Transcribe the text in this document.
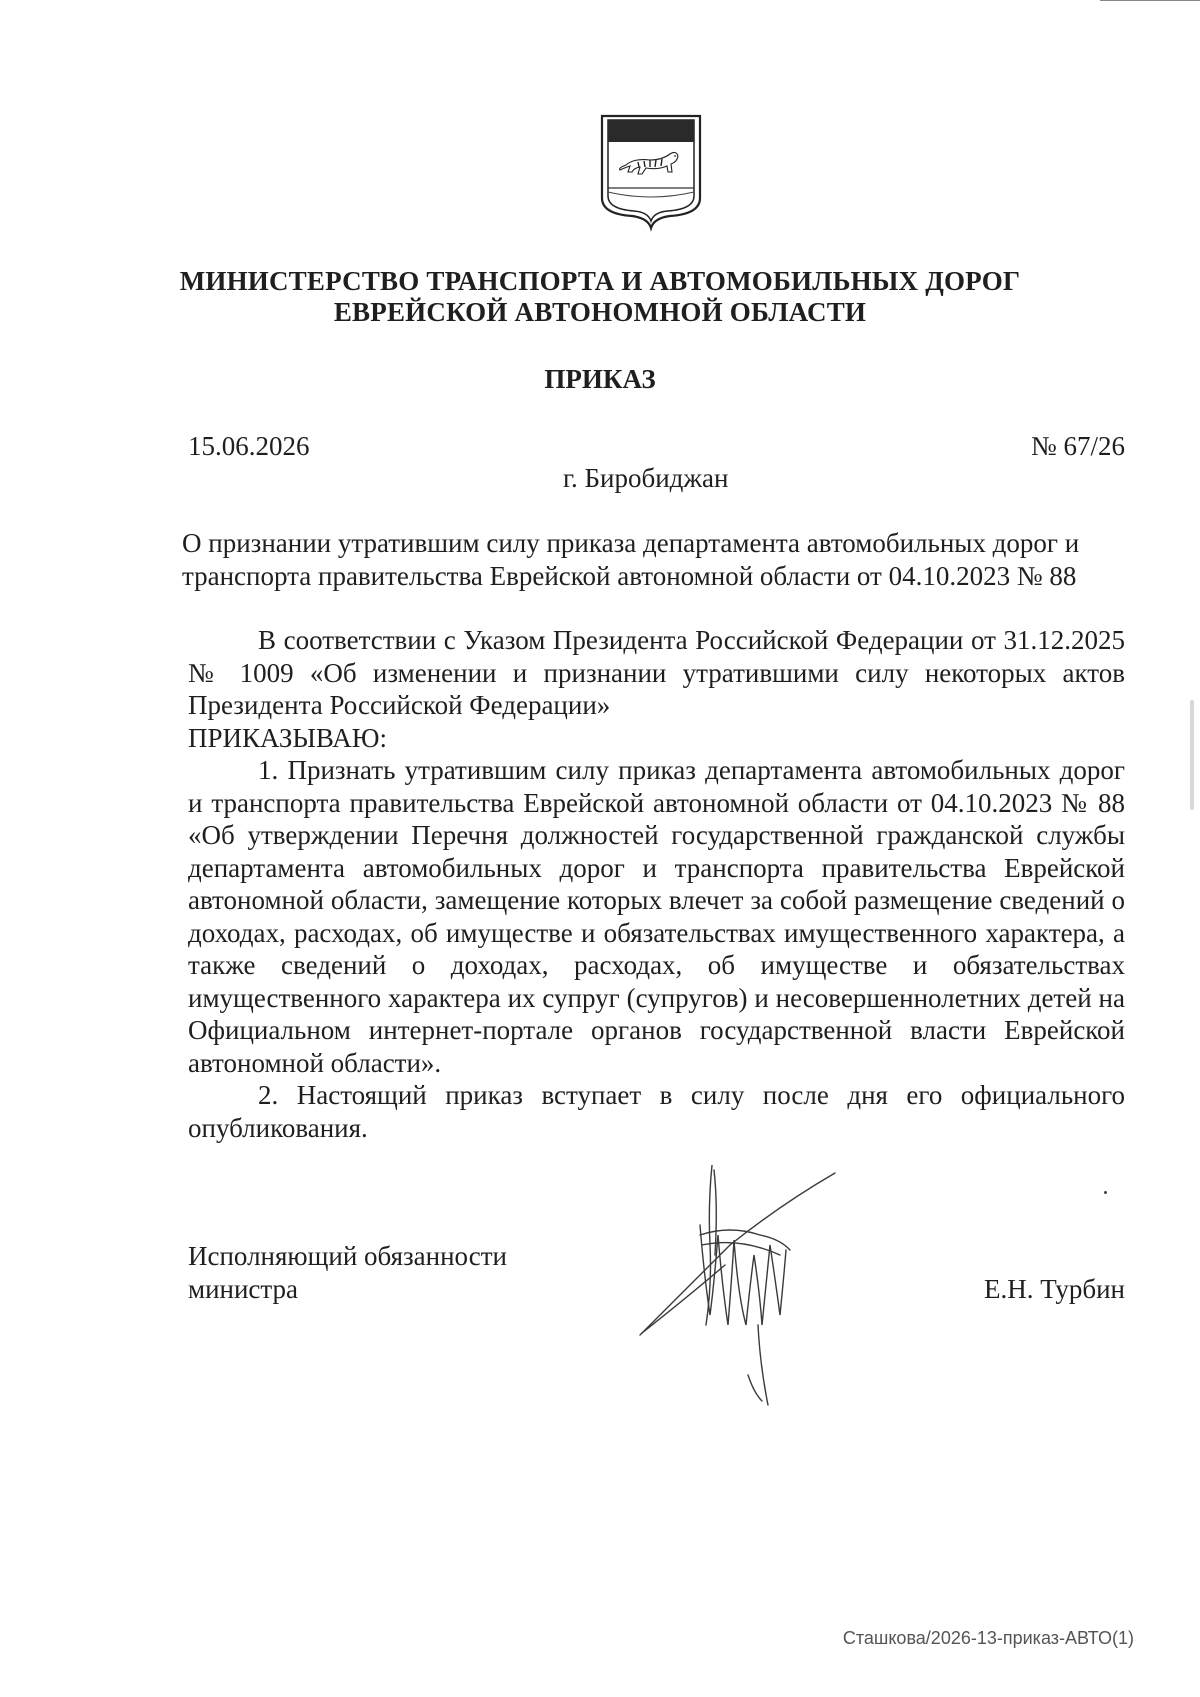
МИНИСТЕРСТВО ТРАНСПОРТА И АВТОМОБИЛЬНЫХ ДОРОГ
ЕВРЕЙСКОЙ АВТОНОМНОЙ ОБЛАСТИ
ПРИКАЗ
15.06.2026	№ 67/26
г. Биробиджан
О признании утратившим силу приказа департамента автомобильных дорог и
транспорта правительства Еврейской автономной области от 04.10.2023 № 88

В соответствии с Указом Президента Российской Федерации от 31.12.2025 № 1009 «Об изменении и признании утратившими силу некоторых актов Президента Российской Федерации»

ПРИКАЗЫВАЮ:

1. Признать утратившим силу приказ департамента автомобильных дорог и транспорта правительства Еврейской автономной области от 04.10.2023 № 88 «Об утверждении Перечня должностей государственной гражданской службы департамента автомобильных дорог и транспорта правительства Еврейской автономной области, замещение которых влечет за собой размещение сведений о доходах, расходах, об имуществе и обязательствах имущественного характера, а также сведений о доходах, расходах, об имуществе и обязательствах имущественного характера их супруг (супругов) и несовершеннолетних детей на Официальном интернет-портале органов государственной власти Еврейской автономной области».

2. Настоящий приказ вступает в силу после дня его официального опубликования.

Исполняющий обязанности
министра	Е.Н. Турбин
Сташкова/2026-13-приказ-АВТО(1)
